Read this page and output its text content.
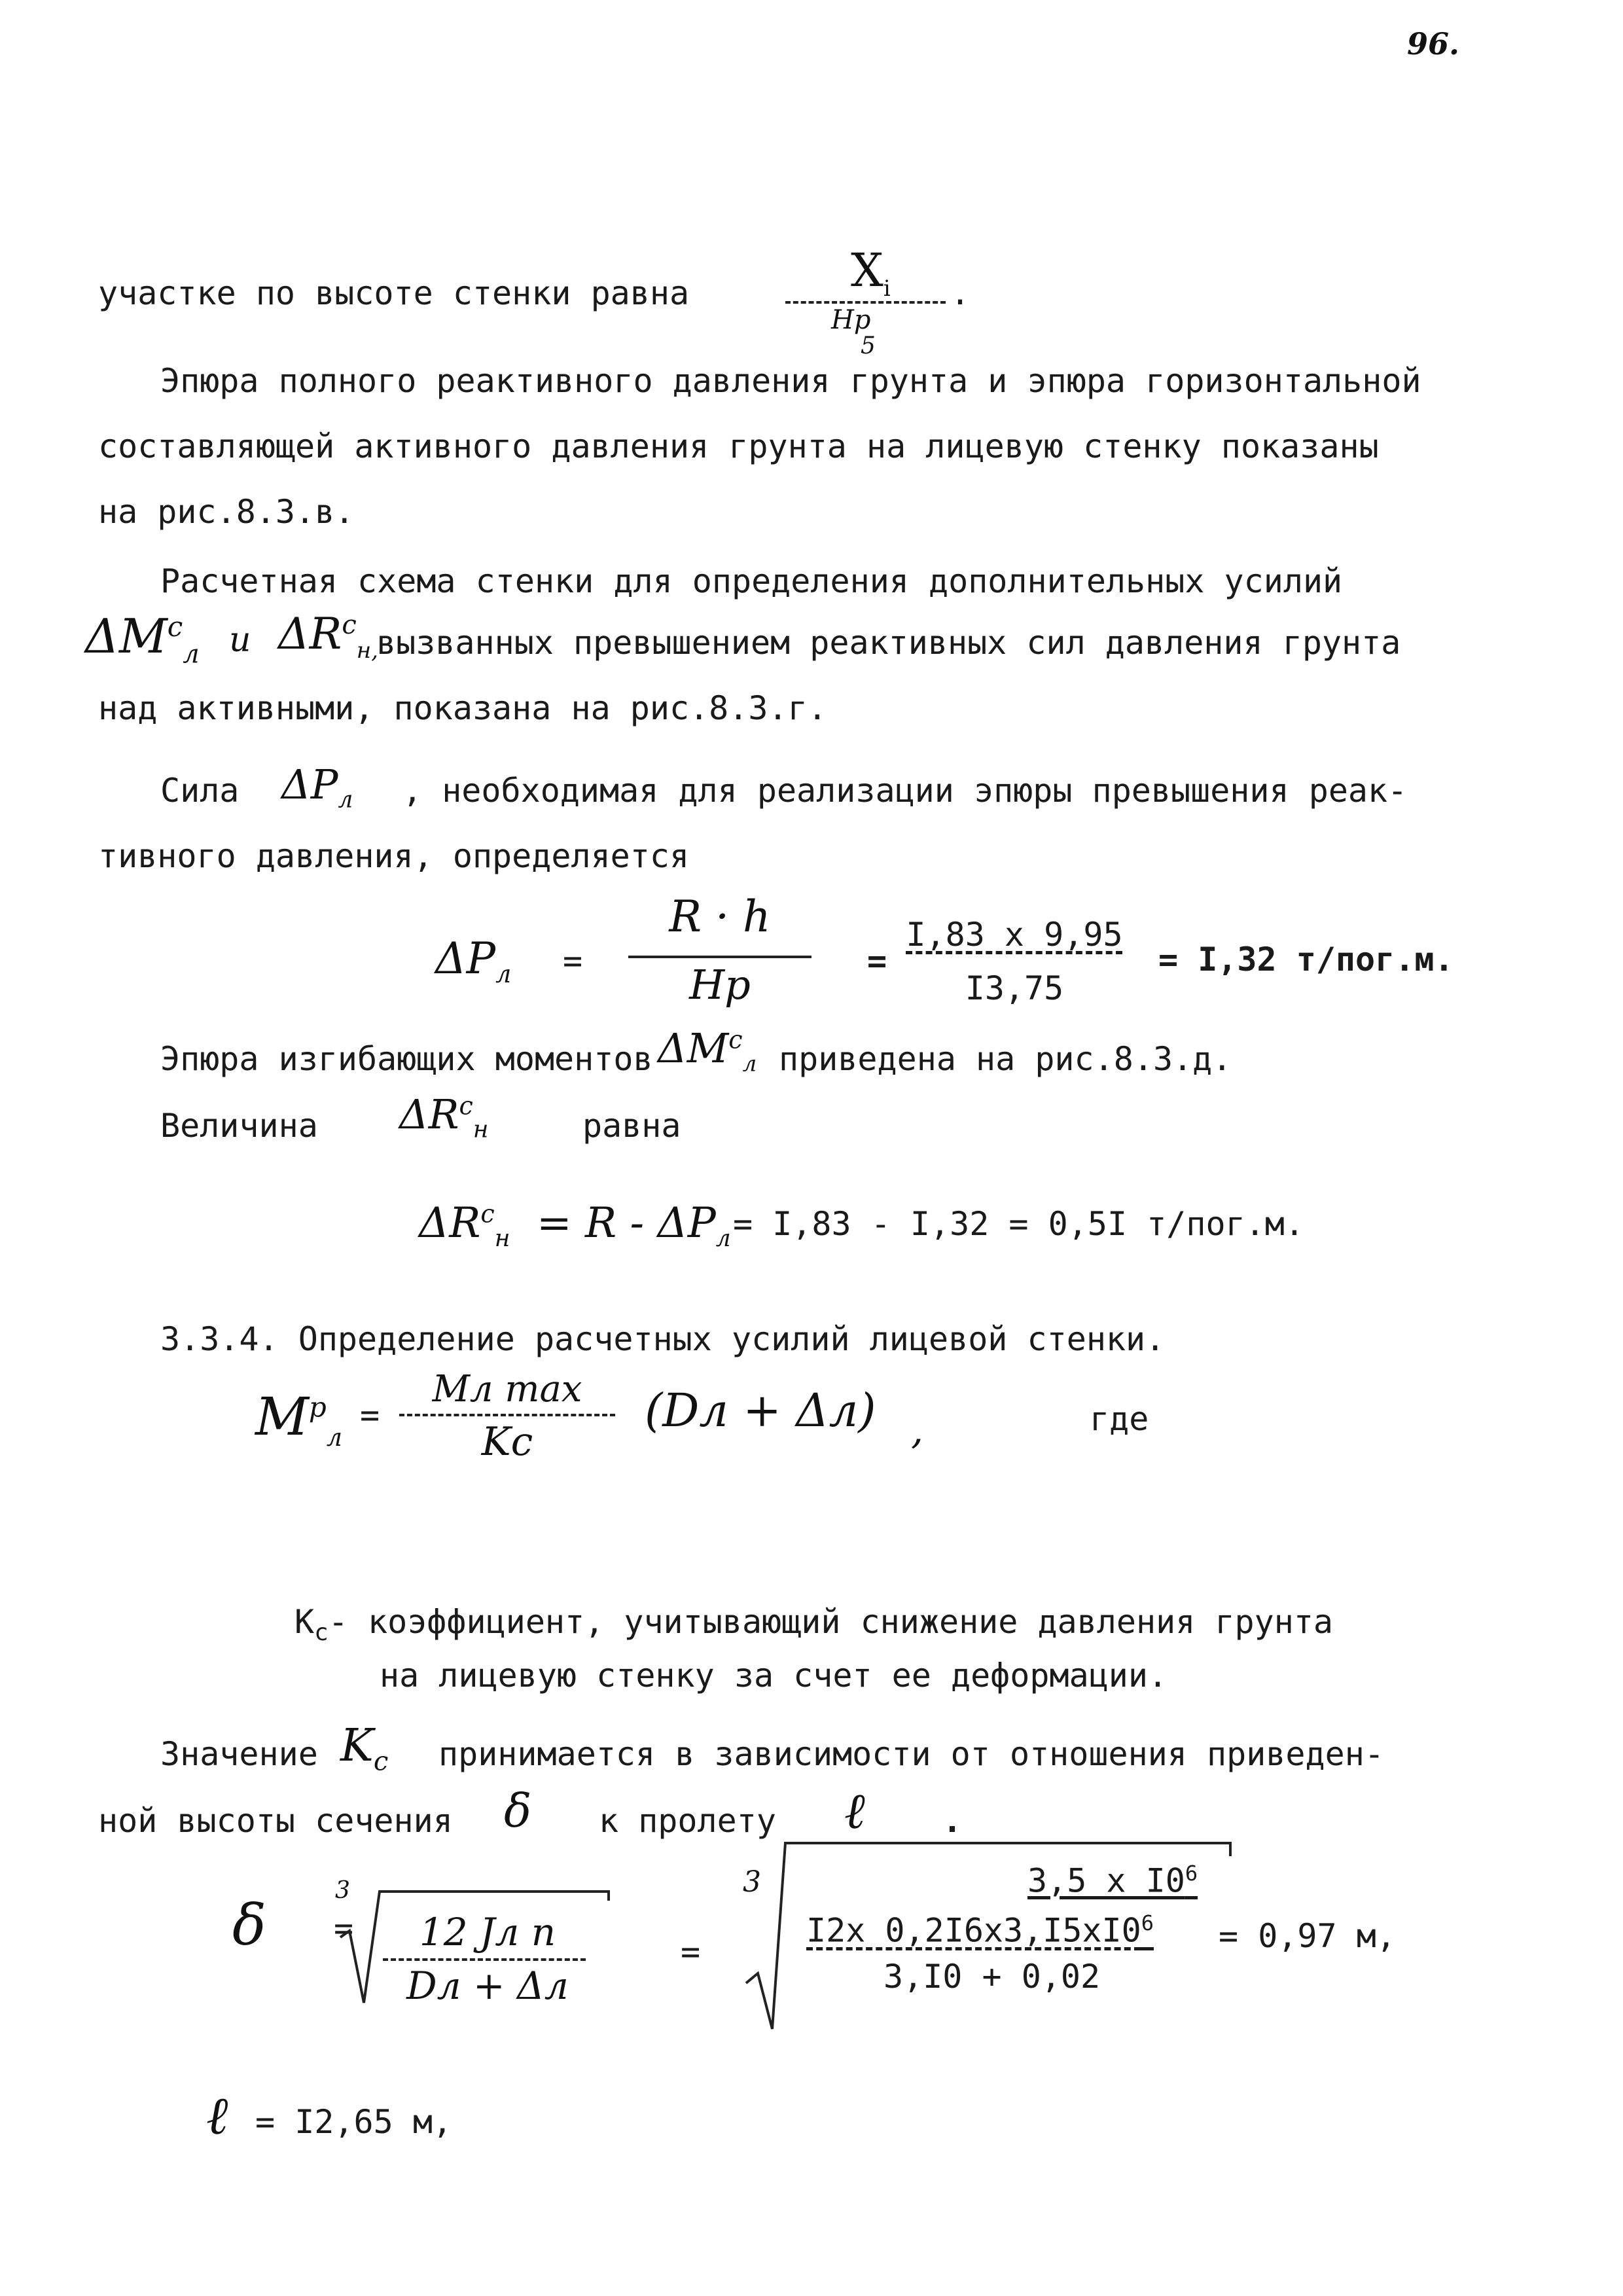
96.
участке по высоте стенки равна	$X_i$
Hp
5
.
Эпюра полного реактивного давления грунта и эпюра горизонтальной
составляющей активного давления грунта на лицевую стенку показаны
на рис.8.3.в.
Расчетная схема стенки для определения дополнительных усилий
$\Delta M^c_л$ и $\Delta R^c_{н,}$
вызванных превышением реактивных сил давления грунта
над активными, показана на рис.8.3.г.
Сила $\Delta P_л$ , необходимая для реализации эпюры превышения реак-
тивного давления, определяется
$\Delta P_л$ =
R · h
Hp	=
I,83 x 9,95
I3,75
= I,32 т/пог.м.
Эпюра изгибающих моментов $\Delta M^c_л$ приведена на рис.8.3.д.
Величина $\Delta R^c_н$	равна
$\Delta R^c_н = R - \Delta P_л = I,83 - I,32 = 0,5I$ т/пог.м.
3.3.4. Определение расчетных усилий лицевой стенки.
$M^p_л$
=
Mл max
Kc
(Dл + Δл) ,	где
$K_c-$ коэффициент, учитывающий снижение давления грунта
на лицевую стенку за счет ее деформации.
Значение $K_c$ принимается в зависимости от отношения приведен-
ной высоты сечения δ к пролету ℓ .
δ =
3
12 Jл n
Dл + Δл
=
3	3,5 x $I0^6$
I2x $0,2I6x3,I5xI0^6$
3,I0 + 0,02
= 0,97 м,
ℓ = I2,65 м,
